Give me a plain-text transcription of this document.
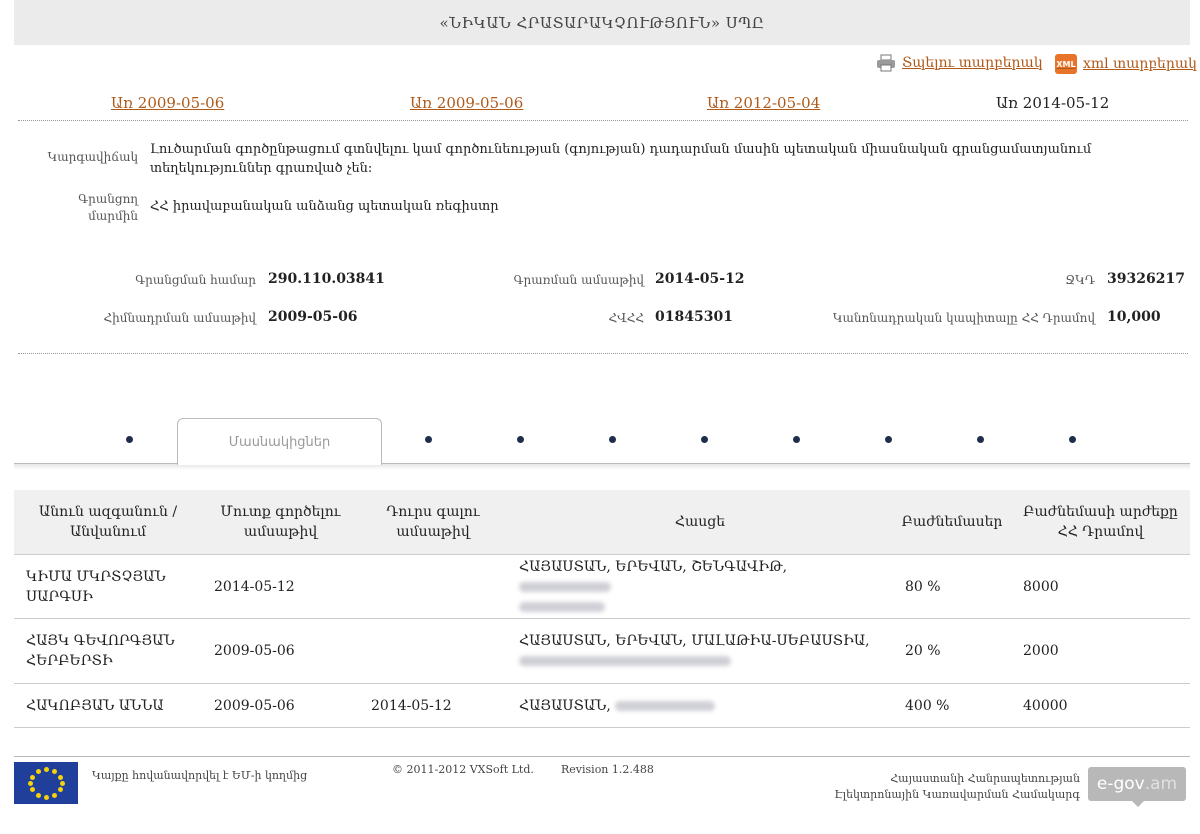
«ՆԻԿԱՆ ՀՐԱՏԱՐԱԿՉՈՒԹՅՈՒՆ» ՍՊԸ
Տպելու տարբերակ XML xml տարբերակ
Առ 2009-05-06	Առ 2009-05-06	Առ 2012-05-04	Առ 2014-05-12
Կարգավիճակ Լուծարման գործընթացում գտնվելու կամ գործունեության (գոյության) դադարման մասին պետական միասնական գրանցամատյանում տեղեկություններ գրառված չեն:
Գրանցող
մարմին
ՀՀ իրավաբանական անձանց պետական ռեգիստր
Գրանցման համար 290.110.03841	Գրառման ամսաթիվ 2014-05-12	ՋԿԴ 39326217
Հիմնադրման ամսաթիվ 2009-05-06	ՀՎՀՀ 01845301	Կանոնադրական կապիտալը ՀՀ Դրամով 10,000
Մասնակիցներ
Անուն ազգանուն / Անվանում	Մուտք գործելու ամսաթիվ	Դուրս գալու ամսաթիվ	Հասցե	Բաժնեմասեր	Բաժնեմասի արժեքը ՀՀ Դրամով
ԿԻՄԱ ՄԿՐՏՉՅԱՆ ՍԱՐԳՍԻ	2014-05-12		ՀԱՅԱՍՏԱՆ, ԵՐԵՎԱՆ, ՇԵՆԳԱՎԻԹ,	80 %	8000
ՀԱՅԿ ԳԵՎՈՐԳՅԱՆ ՀԵՐԲԵՐՏԻ	2009-05-06		ՀԱՅԱՍՏԱՆ, ԵՐԵՎԱՆ, ՄԱԼԱԹԻԱ-ՍԵԲԱՍՏԻԱ,	20 %	2000
ՀԱԿՈԲՅԱՆ ԱՆՆԱ	2009-05-06	2014-05-12	ՀԱՅԱՍՏԱՆ,	400 %	40000
Կայքը հովանավորվել է ԵՄ-ի կողմից	© 2011-2012 VXSoft Ltd. Revision 1.2.488
Հայաստանի Հանրապետության
Էլեկտրոնային Կառավարման Համակարգ
e-gov .am
